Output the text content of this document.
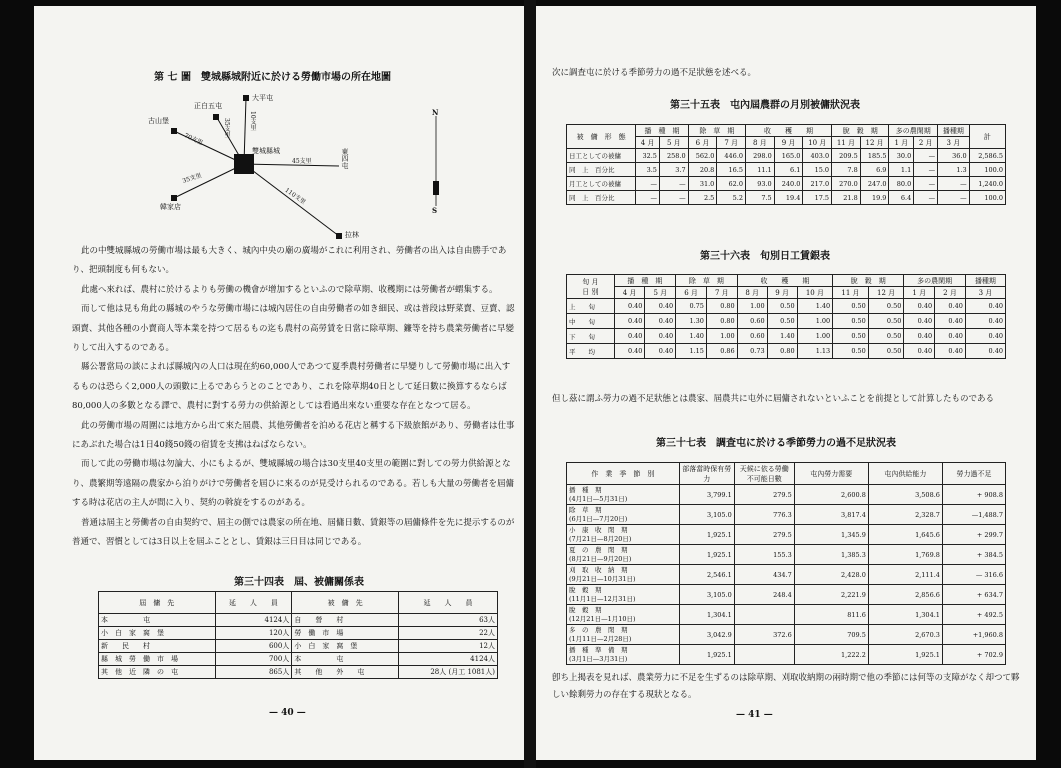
第 七 圖　雙城縣城附近に於ける勞働市場の所在地圖
雙城縣城
大平屯
10支里
正白五屯
35支里
古山堡
70支里
東四屯
45支里
韓家店
35支里
拉林
110支里
N
S

此の中雙城縣城の勞働市場は最も大きく、城內中央の廟の廣場がこれに利用され、勞働者の出入は自由勝手であり、把頭制度も何もない。

此處へ來れば、農村に於けるよりも勞働の機會が增加するといふので除草期、收穫期には勞働者が蝟集する。

而して他は見も角此の縣城のやうな勞働市場には城內居住の自由勞働者の如き細民、或は普段は野菜賣、豆賣、認頭賣、其他各種の小賣商人等本業を持つて居るもの迄も農村の高勞賃を日當に除草期、鐮等を持ち農業勞働者に早變りして出入するのである。

縣公署當局の談によれば縣城內の人口は現在約60,000人であつて夏季農村勞働者に早變りして勞働市場に出入するものは恐らく2,000人の頭數に上るであらうとのことであり、これを除草期40日として延日數に換算するならば80,000人の多數となる譯で、農村に對する勞力の供給源としては看過出來ない重要な存在となつて居る。

此の勞働市場の周圍には地方から出て來た屆農、其他勞働者を泊める花店と稱する下級旅館があり、勞働者は仕事にあぶれた場合は1日40錢50錢の宿賃を支拂はねばならない。

而して此の勞働市場は勿論大、小にもよるが、雙城縣城の場合は30支里40支里の範圍に對しての勞力供給源となり、農繁期等遠隔の農家から泊りがけで勞働者を屆ひに來るのが見受けられるのである。若しも大量の勞働者を屆傭する時は花店の主人が間に入り、契約の斡旋をするのがある。

普通は屆主と勞働者の自由契約で、屆主の側では農家の所在地、屆傭日數、賃銀等の屆傭條件を先に提示するのが普通で、習慣としては3日以上を屆ふこととし、賃銀は三日目は同じである。

第三十四表　屆、被傭關係表
屆　傭　先	延　　人　　員	被　傭　先	延　　人　　員
本　　　　　屯	4124人	自　　營　　村	63人
小　白　家　窩　堡	120人	勞　働　市　場	22人
新　　民　　村	600人	小　白　家　窩　堡	12人
縣　城　勞　働　市　場	700人	本　　　　　屯	4124人
其　他　近　隣　の　屯	865人	其　　他　　外　　屯	28人 (月工 1081人)
— 40 —
次に調査屯に於ける季節勞力の過不足狀態を述べる。
第三十五表　屯內屆農群の月別被傭狀況表
被　傭　形　態	播　種　期		除　草　期		收　　穫　　期			脫　穀　期		多の農閑期		播種期	計
	4 月	5 月	6 月	7 月	8 月	9 月	10 月	11 月	12 月	1 月	2 月	3 月	
日工としての被傭	32.5	258.0	562.0	446.0	298.0	165.0	403.0	209.5	185.5	30.0	—	36.0	2,586.5
同　上　百分比	3.5	3.7	20.8	16.5	11.1	6.1	15.0	7.8	6.9	1.1	—	1.3	100.0
月工としての被傭	—	—	31.0	62.0	93.0	240.0	217.0	270.0	247.0	80.0	—	—	1,240.0
同　上　百分比	—	—	2.5	5.2	7.5	19.4	17.5	21.8	19.9	6.4	—	—	100.0
第三十六表　旬別日工賃銀表
旬 月
日 別	播　種　期		除　草　期		收　　穫　　期			脫　穀　期		多の農閑期		播種期
	4 月	5 月	6 月	7 月	8 月	9 月	10 月	11 月	12 月	1 月	2 月	3 月
上　　旬	0.40	0.40	0.75	0.80	1.00	0.50	1.40	0.50	0.50	0.40	0.40	0.40
中　　旬	0.40	0.40	1.30	0.80	0.60	0.50	1.00	0.50	0.50	0.40	0.40	0.40
下　　旬	0.40	0.40	1.40	1.00	0.60	1.40	1.00	0.50	0.50	0.40	0.40	0.40
平　　均	0.40	0.40	1.15	0.86	0.73	0.80	1.13	0.50	0.50	0.40	0.40	0.40
但し茲に謂ふ勞力の過不足狀態とは農家、屆農共に屯外に屆傭されないといふことを前提として計算したものである
第三十七表　調査屯に於ける季節勞力の過不足狀況表
作　業　季　節　別	部落當時保有勞力	天候に依る勞働不可能日數	屯內勞力需要	屯內供給能力	勞力過不足

播　種　期
(4月1日—5月31日)	3,799.1	279.5	2,600.8	3,508.6	+ 908.8

除　草　期
(6月1日—7月20日)	3,105.0	776.3	3,817.4	2,328.7	—1,488.7

小　康　收　閑　期
(7月21日—8月20日)	1,925.1	279.5	1,345.9	1,645.6	+ 299.7

夏　の　農　閑　期
(8月21日—9月20日)	1,925.1	155.3	1,385.3	1,769.8	+ 384.5

刈　取　收　納　期
(9月21日—10月31日)	2,546.1	434.7	2,428.0	2,111.4	— 316.6

脫　穀　期
(11月1日—12月31日)	3,105.0	248.4	2,221.9	2,856.6	+ 634.7

脫　穀　期
(12月21日—1月10日)	1,304.1		811.6	1,304.1	+ 492.5

多　の　農　閑　期
(1月11日—2月28日)	3,042.9	372.6	709.5	2,670.3	+1,960.8

播　種　準　備　期
(3月1日—3月31日)	1,925.1		1,222.2	1,925.1	+ 702.9
卽ち上揭表を見れば、農業勞力に不足を生ずるのは除草期、刈取收納期の兩時期で他の季節には何等の支障がなく却つて夥しい餘剩勞力の存在する現狀となる。
— 41 —
